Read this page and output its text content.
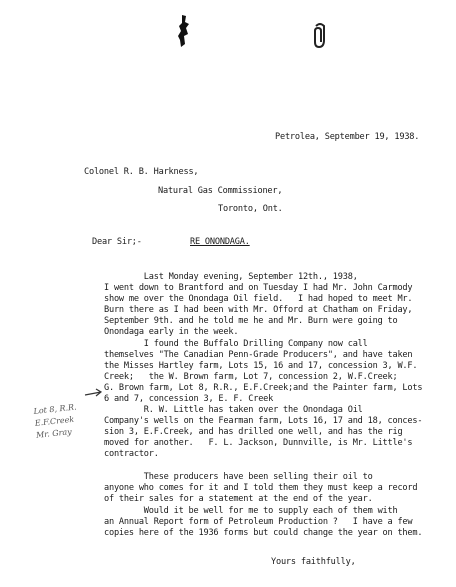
Petrolea, September 19, 1938.
Colonel R. B. Harkness,
Natural Gas Commissioner,
Toronto, Ont.
Dear Sir;-	RE ONONDAGA.
Last Monday evening, September 12th., 1938,
I went down to Brantford and on Tuesday I had Mr. John Carmody
show me over the Onondaga Oil field.   I had hoped to meet Mr.
Burn there as I had been with Mr. Offord at Chatham on Friday,
September 9th. and he told me he and Mr. Burn were going to
Onondaga early in the week.
I found the Buffalo Drilling Company now call
themselves "The Canadian Penn-Grade Producers", and have taken
the Misses Hartley farm, Lots 15, 16 and 17, concession 3, W.F.
Creek;   the W. Brown farm, Lot 7, concession 2, W.F.Creek;
G. Brown farm, Lot 8, R.R., E.F.Creek;and the Painter farm, Lots
6 and 7, concession 3, E. F. Creek
R. W. Little has taken over the Onondaga Oil
Company's wells on the Fearman farm, Lots 16, 17 and 18, conces-
sion 3, E.F.Creek, and has drilled one well, and has the rig
moved for another.   F. L. Jackson, Dunnville, is Mr. Little's
contractor.
These producers have been selling their oil to
anyone who comes for it and I told them they must keep a record
of their sales for a statement at the end of the year.
Would it be well for me to supply each of them with
an Annual Report form of Petroleum Production ?   I have a few
copies here of the 1936 forms but could change the year on them.
Yours faithfully,
Lot 8, R.R.
E.F.Creek
Mr. Gray
